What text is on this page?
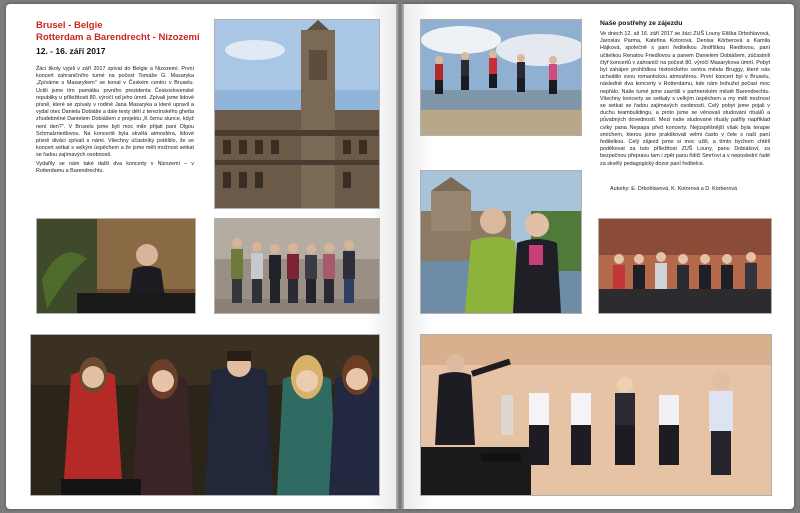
Brusel - Belgie

Rotterdam a Barendrecht - Nizozemí

12. - 16. září 2017

Žáci školy vyjeli v září 2017 zpívat do Belgie a Nizozemí. První koncert zahraničního turné na počest Tomáše G. Masaryka „Zpíváme s Masarykem" se konal v Českém centru v Bruselu. Uctili jsme tím památku prvního prezidenta Československé republiky u příležitosti 80. výročí od jeho úmrtí. Zpívali jsme lidové písně, které se zpívaly v rodině Jana Masaryka a které upravil a vydal otec Daniela Dobiáše a dále texty dětí z terezínského ghetta zhudebněné Danielem Dobiášem z projektu „K čemu slunce, když není den?". V Bruselu jsme byli moc mile přijati paní Olgou Schmalzriedlovou. Na koncertě byla skvělá atmosféra, lidové písně diváci zpívali s námi. Všechny účastníky potěšilo, že se koncert setkal s velkým úspěchem a že jsme měli možnost setkat se řadou zajímavých osobností.

Vydařily se nám také další dva koncerty v Nizozemí – v Rotterdamu a Barendrechtu.

Naše postřehy ze zájezdu

Ve dnech 12. až 16. září 2017 se žáci ZUŠ Louny Eliška Drbohlavová, Jaroslav Parma, Kateřina Kotorová, Denisa Körberová a Kamila Hájková, společně s paní ředitelkou Jindřiškou Riedlovou, paní učitelkou Renatou Friedlovou a panem Danielem Dobiášem, zúčastnili čtyř koncertů v zahraničí na počest 80. výročí Masarykova úmrtí. Pobyt byl zahájen prohlídkou historického centra města Bruggy, které nás uchvátilo svou romantickou atmosférou. První koncert byl v Bruselu, následně dva koncerty v Rotterdamu, kde nám bohužel počasí moc nepřálo. Naše turné jsme završili v partnerském městě Barendrechtu. Všechny koncerty se setkaly s velkým úspěchem a my měli možnost se setkat se řadou zajímavých osobností. Celý pobyt jsme pojali v duchu teambuildingu, a proto jsme se věnovali studování rituálů a půvabných dovedností. Mezi naše studované rituály patřily například cviky pana Nejsapa před koncerty. Nejúspěšnější však byla terapie smíchem, kterou jsme praktikovali velmi často v čele s naší paní ředitelkou. Celý zájezd jsme si moc užili, a tímto bychom chtěli poděkovat za tuto příležitost ZUŠ Louny, panu Dobiášovi, za bezpečnou přepravu tam i zpět panu řidiči Smrťovi a v neposlední řadě za skvělý pedagogický dozor paní ředitelce.

Autorky: E. Drbohlavová, K. Kotorová a D. Körberová
